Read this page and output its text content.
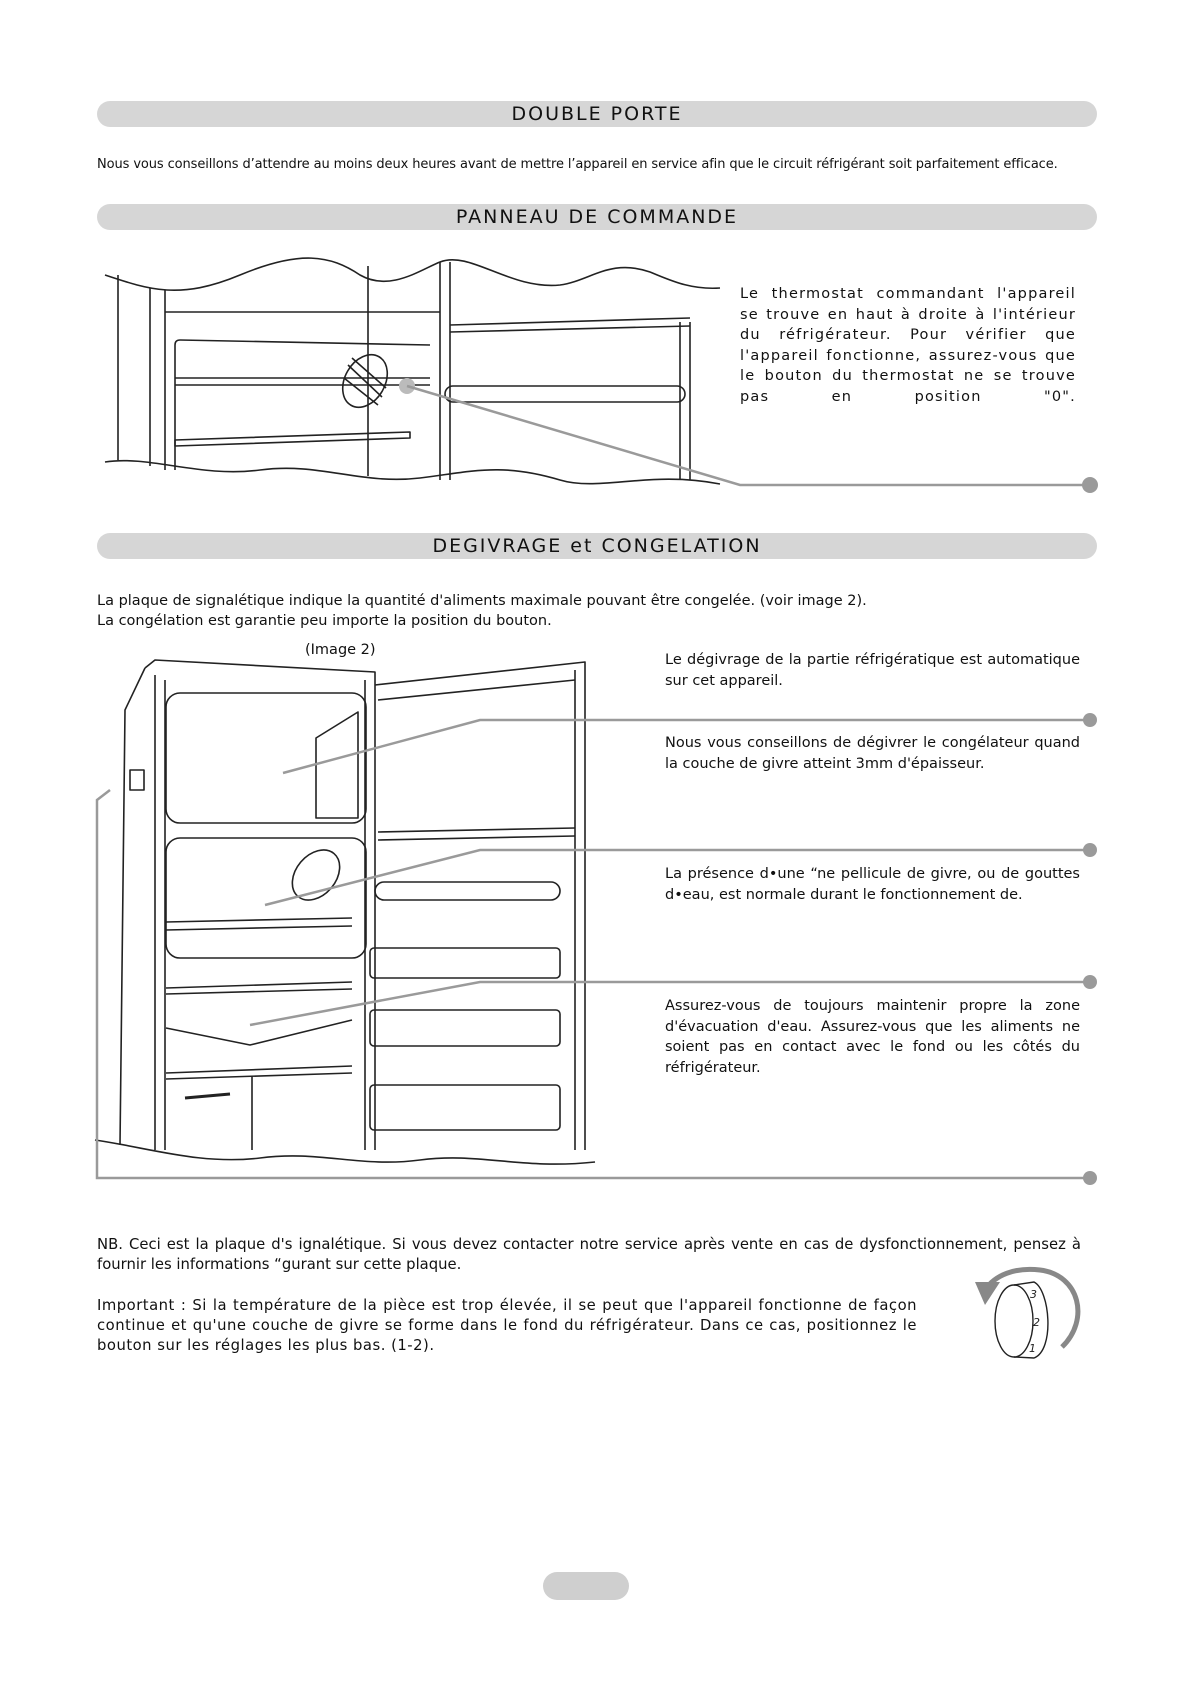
DOUBLE PORTE

Nous vous conseillons d’attendre au moins deux heures avant de mettre l’appareil en service afin que le circuit réfrigérant soit parfaitement efficace.

PANNEAU DE COMMANDE

Le thermostat commandant l'appareil se trouve en haut à droite à l'intérieur du réfrigérateur. Pour vérifier que l'appareil fonctionne, assurez-vous que le bouton du thermostat ne se trouve pas en position "0".

DEGIVRAGE et CONGELATION

La plaque de signalétique indique la quantité d'aliments maximale pouvant être congelée. (voir image 2).

La congélation est garantie peu importe la position du bouton.

(Image 2)

Le dégivrage de la partie réfrigératique est automatique sur cet appareil.

Nous vous conseillons de dégivrer le congélateur quand la couche de givre atteint 3mm d'épaisseur.

La présence d•une “ne pellicule de givre, ou de gouttes d•eau, est normale durant le fonctionnement de.

Assurez-vous de toujours maintenir propre la zone d'évacuation d'eau. Assurez-vous que les aliments ne soient pas en contact avec le fond ou les côtés du réfrigérateur.

NB. Ceci est la plaque d's ignalétique. Si vous devez contacter notre service après vente en cas de dysfonctionnement, pensez à fournir les informations “gurant sur cette plaque.

Important : Si la température de la pièce est trop élevée, il se peut que l'appareil fonctionne de façon continue et qu'une couche de givre se forme dans le fond du réfrigérateur. Dans ce cas, positionnez le bouton sur les réglages les plus bas. (1-2).

3
2
1
